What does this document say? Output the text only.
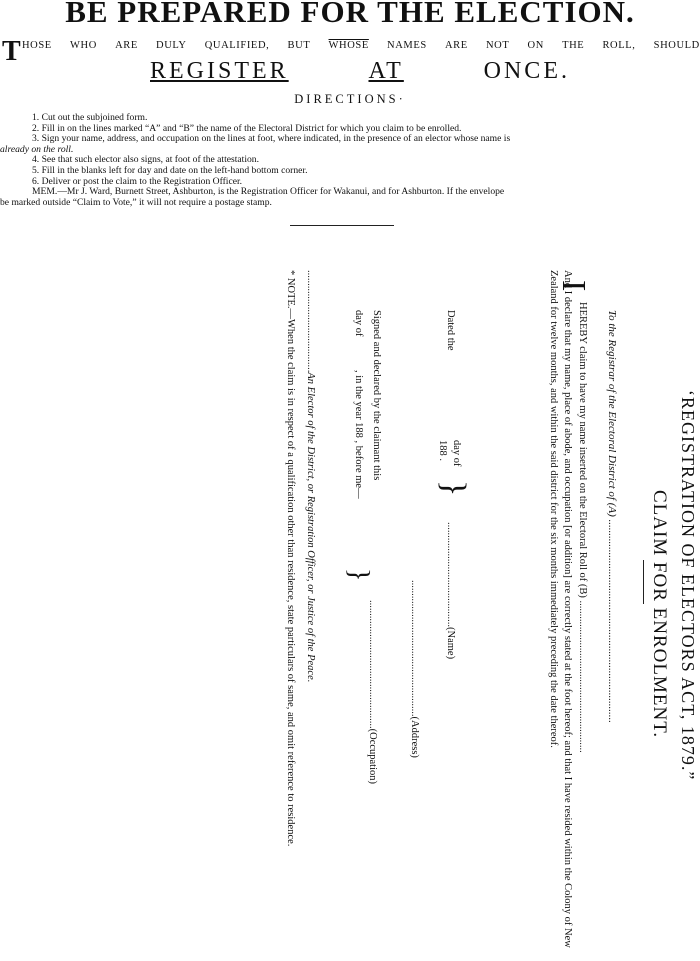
BE PREPARED FOR THE ELECTION.
T HOSE WHO ARE DULY QUALIFIED, BUT WHOSE NAMES ARE NOT ON THE ROLL, SHOULD
REGISTER	AT	ONCE.
DIRECTIONS·
1. Cut out the subjoined form.
2. Fill in on the lines marked “A” and “B” the name of the Electoral District for which you claim to be enrolled.
3. Sign your name, address, and occupation on the lines at foot, where indicated, in the presence of an elector whose name is
already on the roll.
4. See that such elector also signs, at foot of the attestation.
5. Fill in the blanks left for day and date on the left-hand bottom corner.
6. Deliver or post the claim to the Registration Officer.
MEM.—Mr J. Ward, Burnett Street, Ashburton, is the Registration Officer for Wakanui, and for Ashburton. If the envelope
be marked outside “Claim to Vote,” it will not require a postage stamp.
‘REGISTRATION OF ELECTORS ACT, 1879.”
CLAIM FOR ENROLMENT.
To the Registrar of the Electoral District of (A) ..........................................................................
I
HEREBY claim to have my name inserted on the Electoral Roll of (B) ..........................................................
And I declare that my name, place of abode, and occupation [or addition] are correctly stated at the foot hereof; and that I have resided within the Colony of New Zealand for twelve months, and within the said district for the six months immediately preceding the date thereof.
Dated the
day of
188 .
}
........................................(Name)
....................................................(Address)
Signed and declared by the claimant this
.................................................(Occupation)
day of
, in the year 188 , before me—
}
.......................................An Elector of the District, or Registration Officer, or Justice of the Peace.
* NOTE.—When the claim is in respect of a qualification other than residence, state particulars of same, and omit reference to residence.
